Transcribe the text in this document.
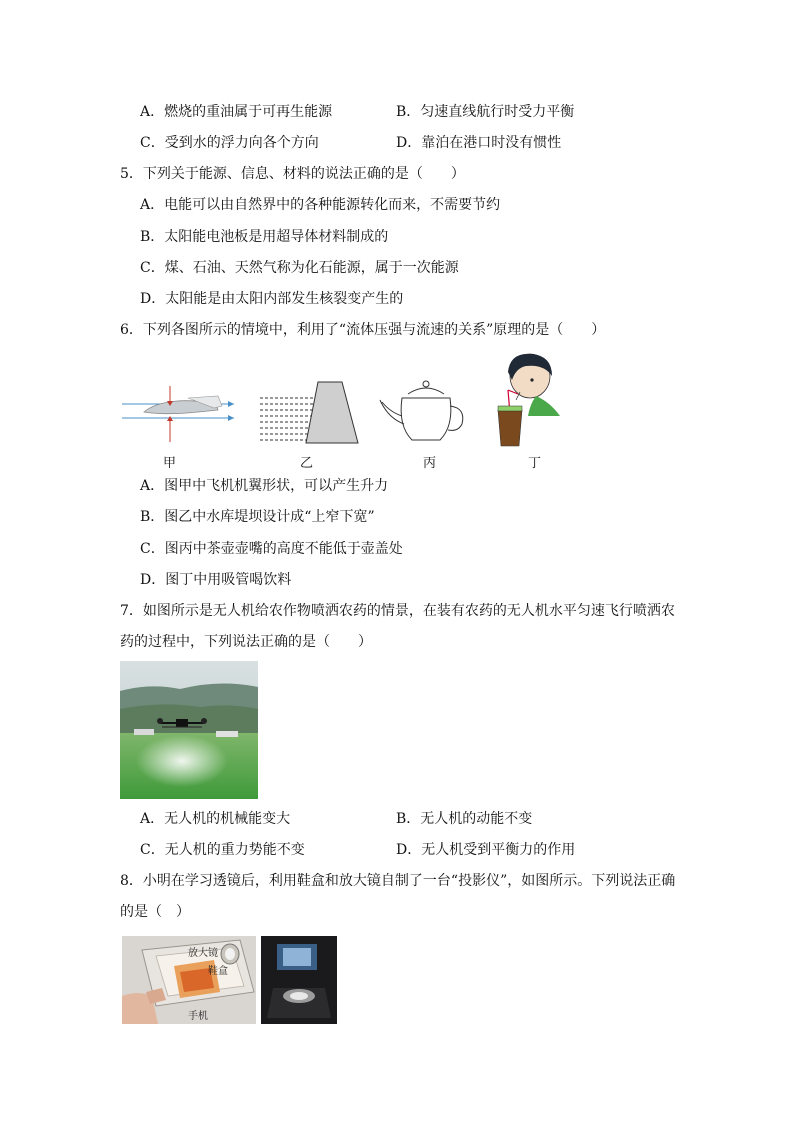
A．燃烧的重油属于可再生能源	B．匀速直线航行时受力平衡
C．受到水的浮力向各个方向	D．靠泊在港口时没有惯性
5．下列关于能源、信息、材料的说法正确的是（　　）
A．电能可以由自然界中的各种能源转化而来，不需要节约
B．太阳能电池板是用超导体材料制成的
C．煤、石油、天然气称为化石能源，属于一次能源
D．太阳能是由太阳内部发生核裂变产生的
6．下列各图所示的情境中，利用了“流体压强与流速的关系”原理的是（　　）
甲	乙	丙	丁
A．图甲中飞机机翼形状，可以产生升力
B．图乙中水库堤坝设计成“上窄下宽”
C．图丙中茶壶壶嘴的高度不能低于壶盖处
D．图丁中用吸管喝饮料
7．如图所示是无人机给农作物喷洒农药的情景，在装有农药的无人机水平匀速飞行喷洒农
药的过程中，下列说法正确的是（　　）
A．无人机的机械能变大	B．无人机的动能不变
C．无人机的重力势能不变	D．无人机受到平衡力的作用
8．小明在学习透镜后，利用鞋盒和放大镜自制了一台“投影仪”，如图所示。下列说法正确
的是（　）
放大镜
鞋盒
手机
